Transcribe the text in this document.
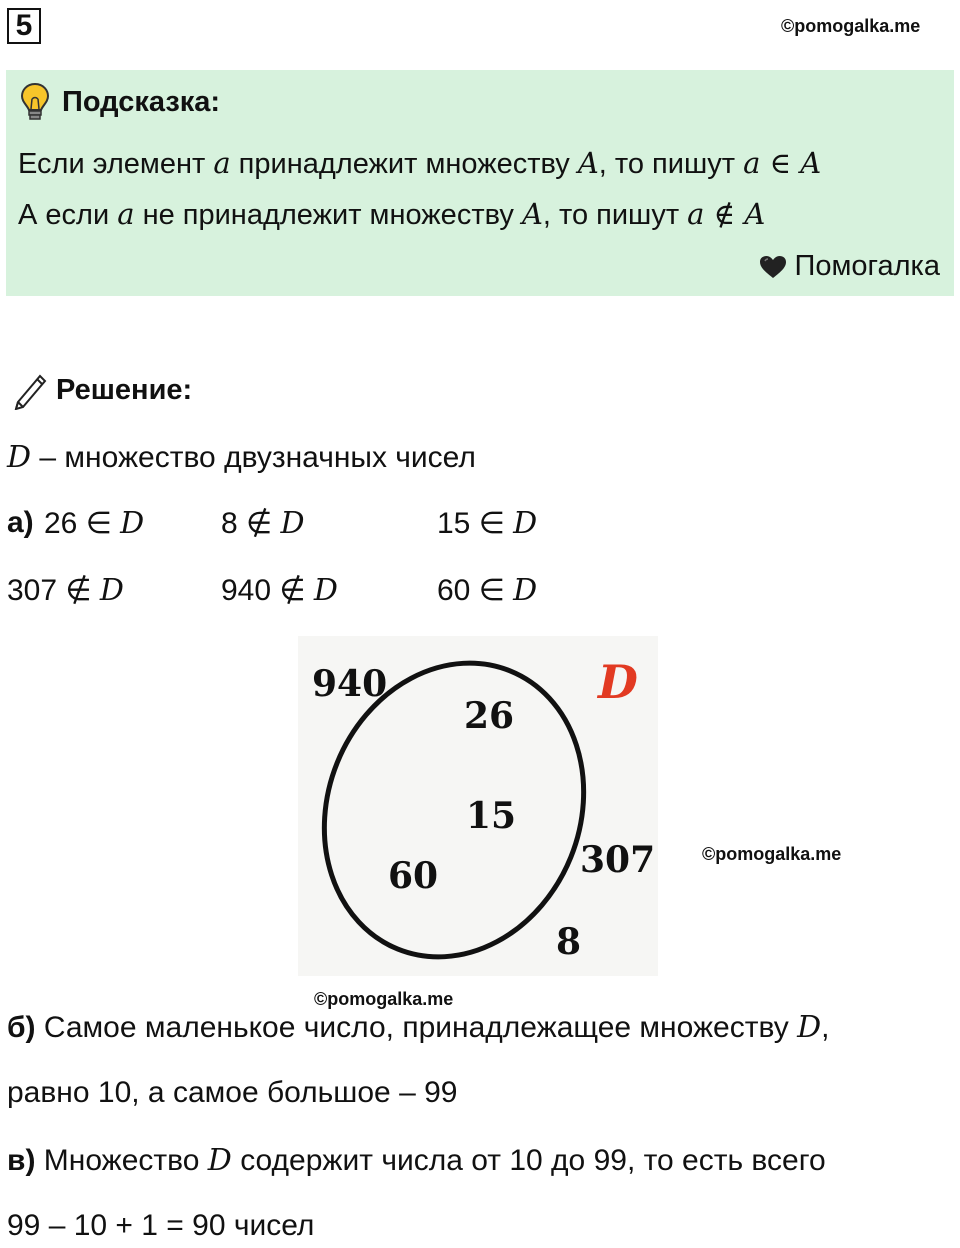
5	©pomogalka.me
Подсказка:
Если элемент a принадлежит множеству A, то пишут a ∈ A
А если a не принадлежит множеству A, то пишут a ∉ A
Помогалка
Решение:
D – множество двузначных чисел
а) 26 ∈ D	8 ∉ D	15 ∈ D
307 ∉ D	940 ∉ D	60 ∈ D
D
940
26
15
60	307
8
©pomogalka.me
©pomogalka.me
б) Самое маленькое число, принадлежащее множеству D,
равно 10, а самое большое – 99
в) Множество D содержит числа от 10 до 99, то есть всего
99 – 10 + 1 = 90 чисел
